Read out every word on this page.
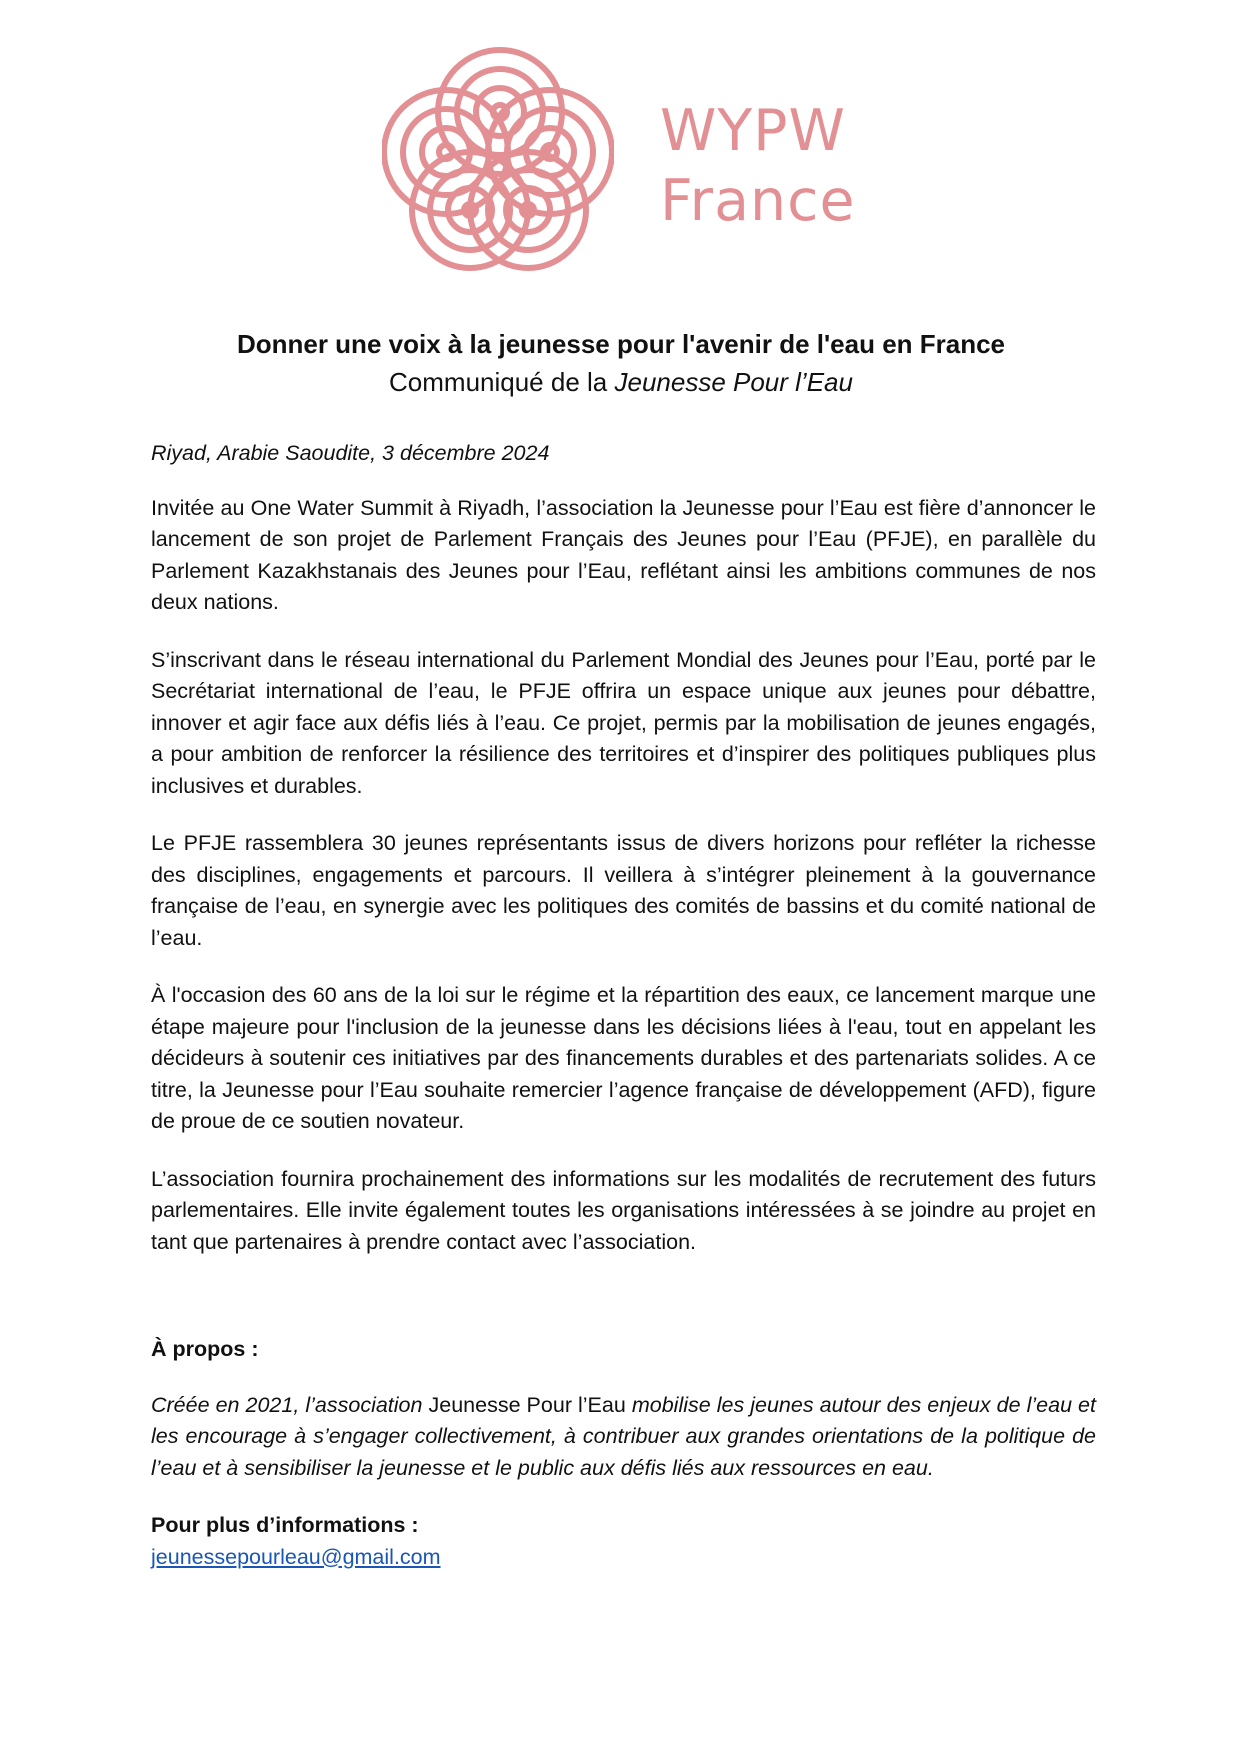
WYPW
France
Donner une voix à la jeunesse pour l'avenir de l'eau en France
Communiqué de la Jeunesse Pour l’Eau

Riyad, Arabie Saoudite, 3 décembre 2024

Invitée au One Water Summit à Riyadh, l’association la Jeunesse pour l’Eau est fière d’annoncer le lancement de son projet de Parlement Français des Jeunes pour l’Eau (PFJE), en parallèle du Parlement Kazakhstanais des Jeunes pour l’Eau, reflétant ainsi les ambitions communes de nos deux nations.

S’inscrivant dans le réseau international du Parlement Mondial des Jeunes pour l’Eau, porté par le Secrétariat international de l’eau, le PFJE offrira un espace unique aux jeunes pour débattre, innover et agir face aux défis liés à l’eau. Ce projet, permis par la mobilisation de jeunes engagés, a pour ambition de renforcer la résilience des territoires et d’inspirer des politiques publiques plus inclusives et durables.

Le PFJE rassemblera 30 jeunes représentants issus de divers horizons pour refléter la richesse des disciplines, engagements et parcours. Il veillera à s’intégrer pleinement à la gouvernance française de l’eau, en synergie avec les politiques des comités de bassins et du comité national de l’eau.

À l'occasion des 60 ans de la loi sur le régime et la répartition des eaux, ce lancement marque une étape majeure pour l'inclusion de la jeunesse dans les décisions liées à l'eau, tout en appelant les décideurs à soutenir ces initiatives par des financements durables et des partenariats solides. A ce titre, la Jeunesse pour l’Eau souhaite remercier l’agence française de développement (AFD), figure de proue de ce soutien novateur.

L’association fournira prochainement des informations sur les modalités de recrutement des futurs parlementaires. Elle invite également toutes les organisations intéressées à se joindre au projet en tant que partenaires à prendre contact avec l’association.

À propos :

Créée en 2021, l’association Jeunesse Pour l’Eau mobilise les jeunes autour des enjeux de l’eau et les encourage à s’engager collectivement, à contribuer aux grandes orientations de la politique de l’eau et à sensibiliser la jeunesse et le public aux défis liés aux ressources en eau.

Pour plus d’informations :

jeunessepourleau@gmail.com
